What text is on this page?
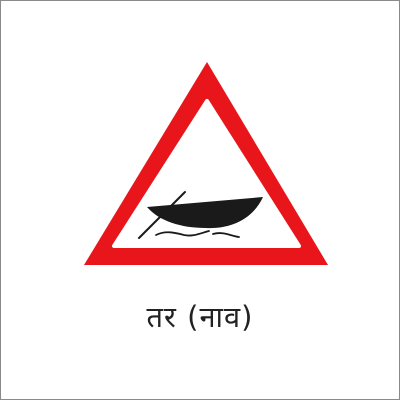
तर (नाव)
